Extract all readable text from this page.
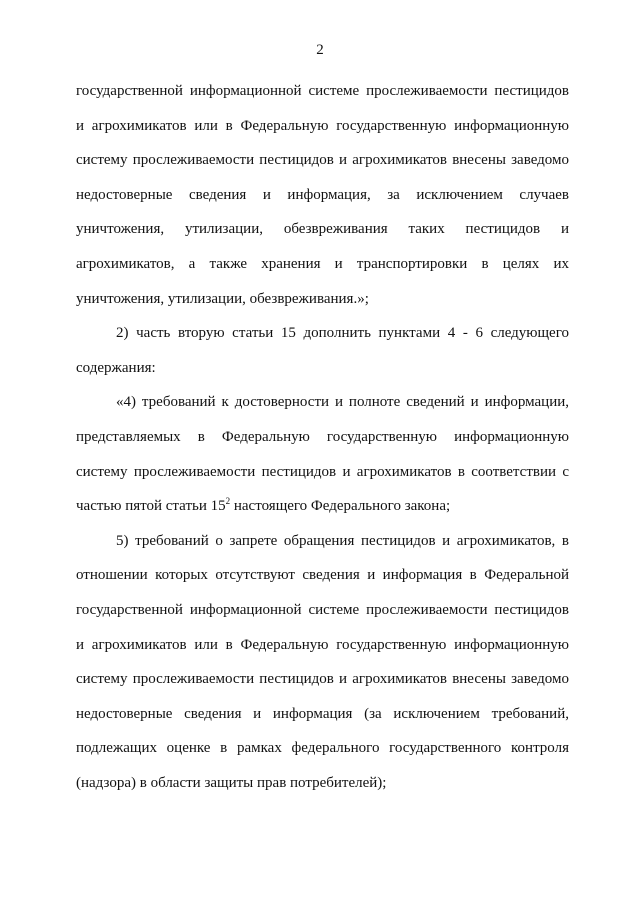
2

государственной информационной системе прослеживаемости пестицидов
и агрохимикатов или в Федеральную государственную информационную
систему прослеживаемости пестицидов и агрохимикатов внесены заведомо
недостоверные сведения и информация, за исключением случаев
уничтожения, утилизации, обезвреживания таких пестицидов и
агрохимикатов, а также хранения и транспортировки в целях их
уничтожения, утилизации, обезвреживания.»;

2) часть вторую статьи 15 дополнить пунктами 4 - 6 следующего
содержания:

«4) требований к достоверности и полноте сведений и информации,
представляемых в Федеральную государственную информационную
систему прослеживаемости пестицидов и агрохимикатов в соответствии с
частью пятой статьи $15^2$ настоящего Федерального закона;

5) требований о запрете обращения пестицидов и агрохимикатов, в
отношении которых отсутствуют сведения и информация в Федеральной
государственной информационной системе прослеживаемости пестицидов
и агрохимикатов или в Федеральную государственную информационную
систему прослеживаемости пестицидов и агрохимикатов внесены заведомо
недостоверные сведения и информация (за исключением требований,
подлежащих оценке в рамках федерального государственного контроля
(надзора) в области защиты прав потребителей);
